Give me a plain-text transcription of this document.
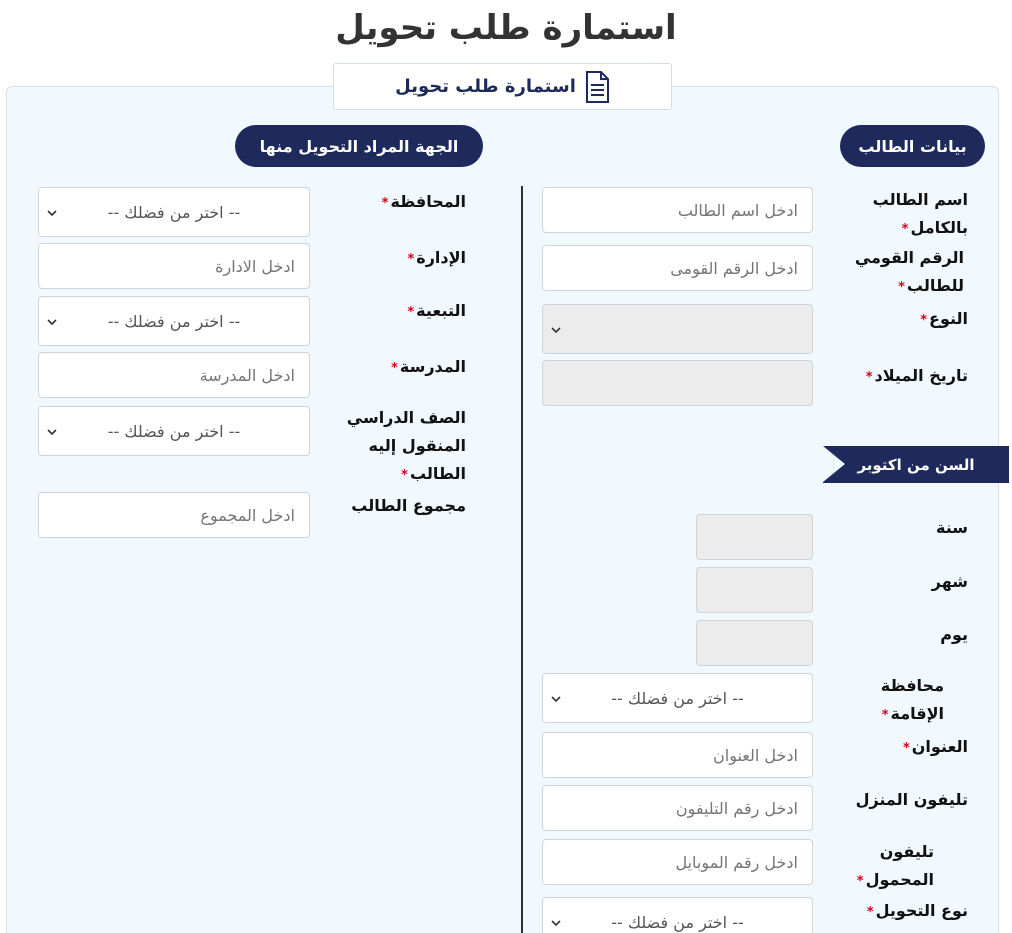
استمارة طلب تحويل
استمارة طلب تحويل
بيانات الطالب
الجهة المراد التحويل منها
اسم الطالب
بالكامل*
ادخل اسم الطالب
الرقم القومي
للطالب*
ادخل الرقم القومى
النوع*
تاريخ الميلاد*
السن من اكتوبر
سنة
شهر
يوم
محافظة
الإقامة*
-- اختر من فضلك --
العنوان*
ادخل العنوان
تليفون المنزل
ادخل رقم التليفون
تليفون
المحمول*
ادخل رقم الموبايل
نوع التحويل*
-- اختر من فضلك --
المحافظة*
-- اختر من فضلك --
الإدارة*
ادخل الادارة
التبعية*
-- اختر من فضلك --
المدرسة*
ادخل المدرسة
الصف الدراسي
المنقول إليه
الطالب*
-- اختر من فضلك --
مجموع الطالب
ادخل المجموع
